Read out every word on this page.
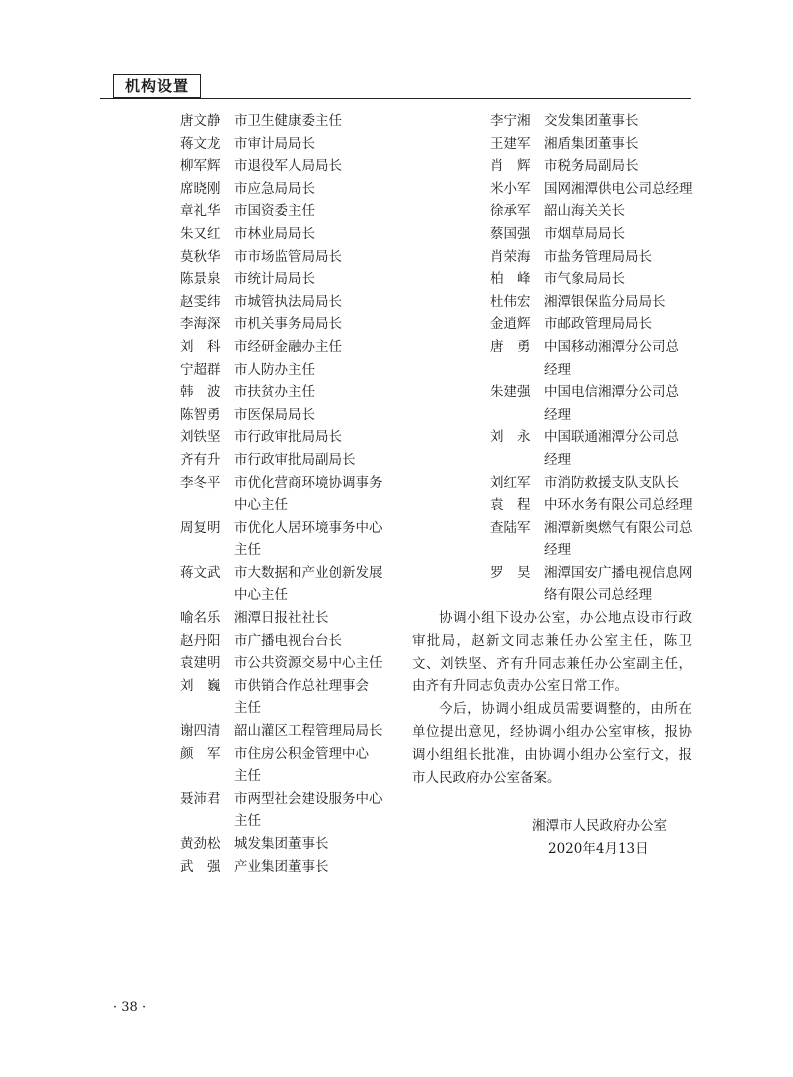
机构设置
唐文静	市卫生健康委主任
蒋文龙	市审计局局长
柳军辉	市退役军人局局长
席晓刚	市应急局局长
章礼华	市国资委主任
朱又红	市林业局局长
莫秋华	市市场监管局局长
陈景泉	市统计局局长
赵雯纬	市城管执法局局长
李海深	市机关事务局局长
刘　科	市经研金融办主任
宁超群	市人防办主任
韩　波	市扶贫办主任
陈智勇	市医保局局长
刘铁坚	市行政审批局局长
齐有升	市行政审批局副局长
李冬平	市优化营商环境协调事务
中心主任
周复明	市优化人居环境事务中心
主任
蒋文武	市大数据和产业创新发展
中心主任
喻名乐	湘潭日报社社长
赵丹阳	市广播电视台台长
袁建明	市公共资源交易中心主任
刘　巍	市供销合作总社理事会
主任
谢四清	韶山灌区工程管理局局长
颜　军	市住房公积金管理中心
主任
聂沛君	市两型社会建设服务中心
主任
黄劲松	城发集团董事长
武　强	产业集团董事长
李宁湘	交发集团董事长
王建军	湘盾集团董事长
肖　辉	市税务局副局长
米小军	国网湘潭供电公司总经理
徐承军	韶山海关关长
蔡国强	市烟草局局长
肖荣海	市盐务管理局局长
柏　峰	市气象局局长
杜伟宏	湘潭银保监分局局长
金逍辉	市邮政管理局局长
唐　勇	中国移动湘潭分公司总
经理
朱建强	中国电信湘潭分公司总
经理
刘　永	中国联通湘潭分公司总
经理
刘红军	市消防救援支队支队长
袁　程	中环水务有限公司总经理
查陆军	湘潭新奥燃气有限公司总
经理
罗　昊	湘潭国安广播电视信息网
络有限公司总经理

协调小组下设办公室，办公地点设市行政审批局，赵新文同志兼任办公室主任，陈卫文、刘铁坚、齐有升同志兼任办公室副主任，由齐有升同志负责办公室日常工作。

今后，协调小组成员需要调整的，由所在单位提出意见，经协调小组办公室审核，报协调小组组长批准，由协调小组办公室行文，报市人民政府办公室备案。

湘潭市人民政府办公室
2020年4月13日
· 38 ·
